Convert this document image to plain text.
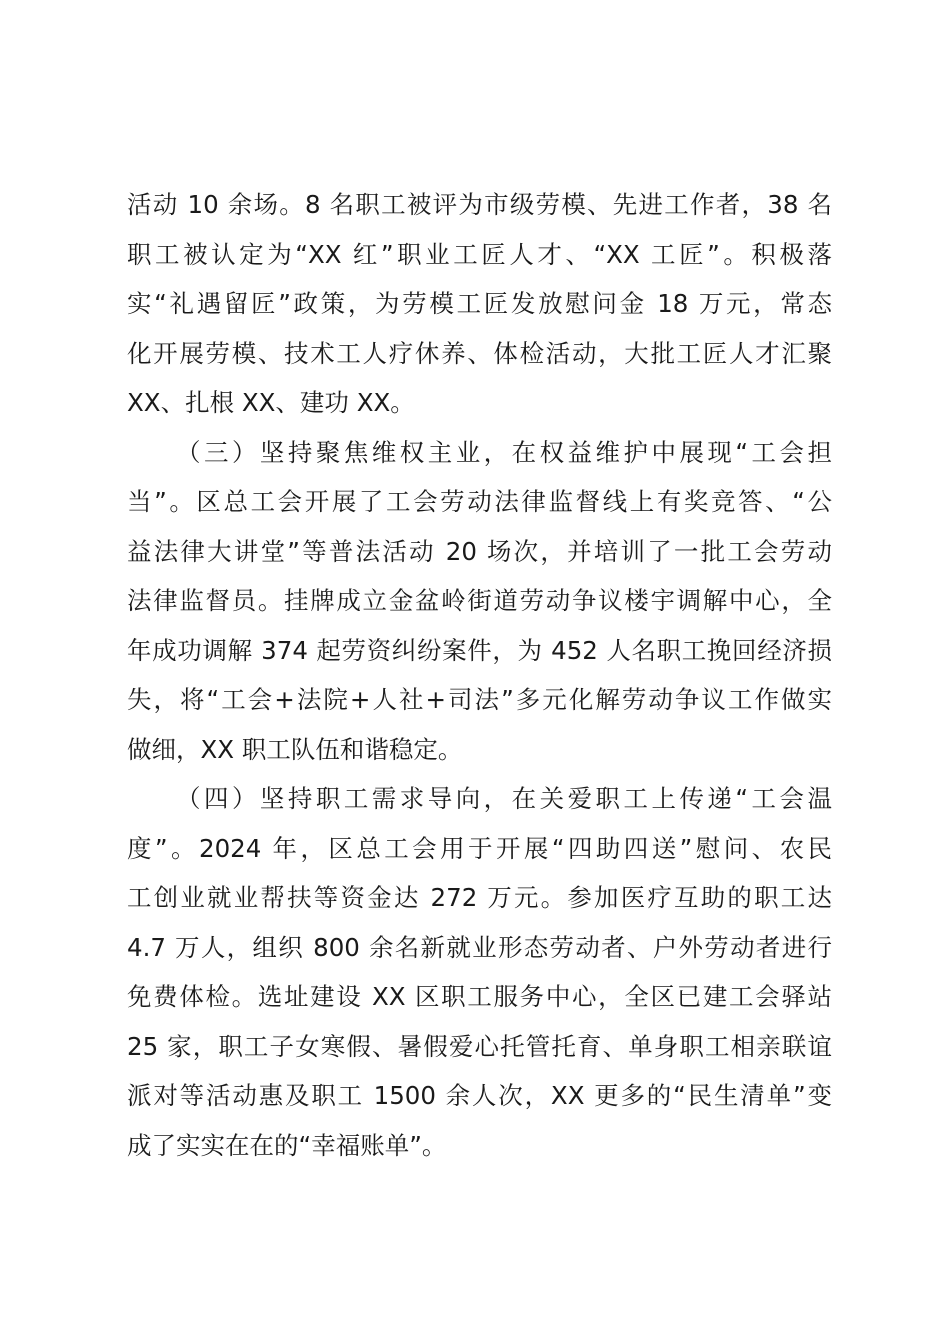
活动 10 余场。8 名职工被评为市级劳模、先进工作者，38 名
职工被认定为“XX 红”职业工匠人才、“XX 工匠”。积极落
实“礼遇留匠”政策，为劳模工匠发放慰问金 18 万元，常态
化开展劳模、技术工人疗休养、体检活动，大批工匠人才汇聚
XX、扎根 XX、建功 XX。
（三）坚持聚焦维权主业，在权益维护中展现“工会担
当”。区总工会开展了工会劳动法律监督线上有奖竞答、“公
益法律大讲堂”等普法活动 20 场次，并培训了一批工会劳动
法律监督员。挂牌成立金盆岭街道劳动争议楼宇调解中心，全
年成功调解 374 起劳资纠纷案件，为 452 人名职工挽回经济损
失，将“工会+法院+人社+司法”多元化解劳动争议工作做实
做细，XX 职工队伍和谐稳定。
（四）坚持职工需求导向，在关爱职工上传递“工会温
度”。2024 年，区总工会用于开展“四助四送”慰问、农民
工创业就业帮扶等资金达 272 万元。参加医疗互助的职工达
4.7 万人，组织 800 余名新就业形态劳动者、户外劳动者进行
免费体检。选址建设 XX 区职工服务中心，全区已建工会驿站
25 家，职工子女寒假、暑假爱心托管托育、单身职工相亲联谊
派对等活动惠及职工 1500 余人次，XX 更多的“民生清单”变
成了实实在在的“幸福账单”。
